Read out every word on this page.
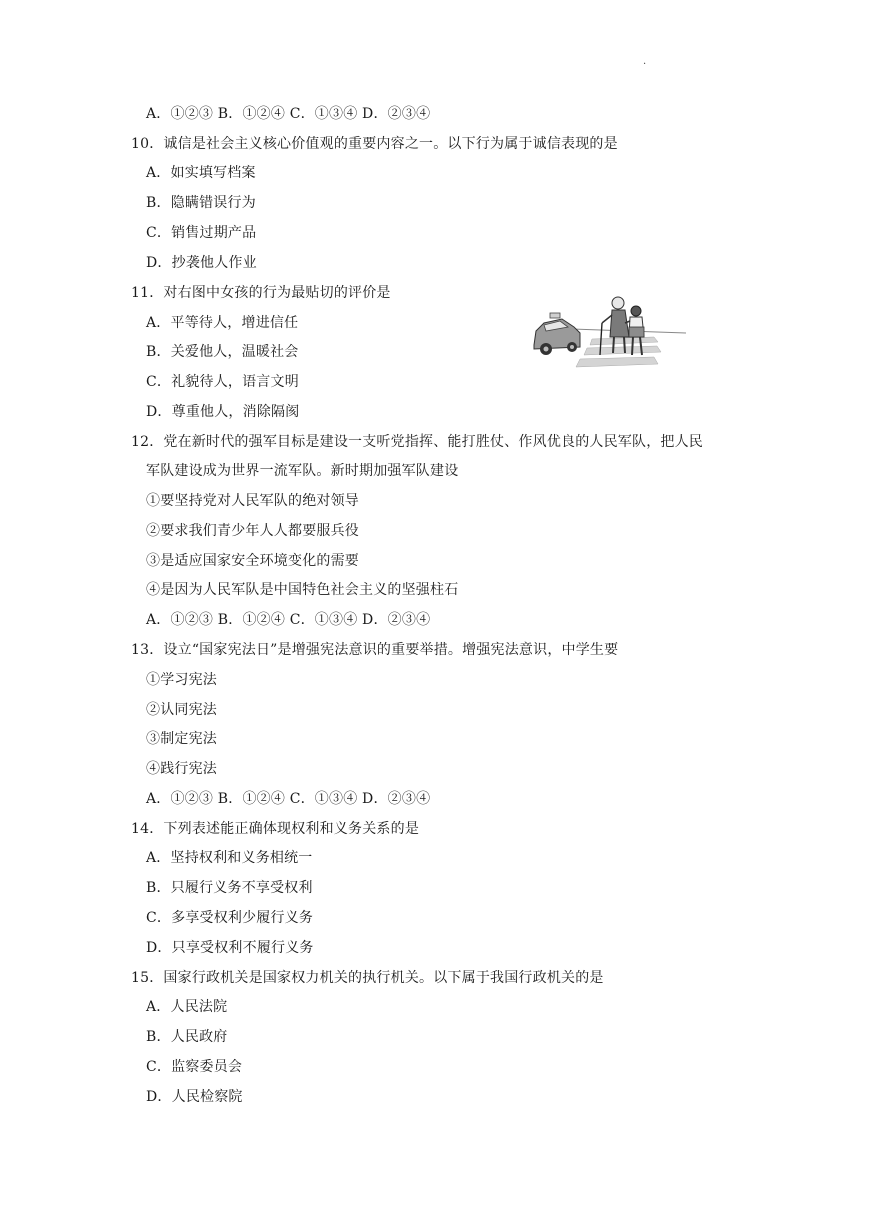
.
A．①②③ B．①②④ C．①③④ D．②③④
10．诚信是社会主义核心价值观的重要内容之一。以下行为属于诚信表现的是
A．如实填写档案
B．隐瞒错误行为
C．销售过期产品
D．抄袭他人作业
11．对右图中女孩的行为最贴切的评价是
A．平等待人，增进信任
B．关爱他人，温暖社会
C．礼貌待人，语言文明
D．尊重他人，消除隔阂
12．党在新时代的强军目标是建设一支听党指挥、能打胜仗、作风优良的人民军队，把人民
军队建设成为世界一流军队。新时期加强军队建设
①要坚持党对人民军队的绝对领导
②要求我们青少年人人都要服兵役
③是适应国家安全环境变化的需要
④是因为人民军队是中国特色社会主义的坚强柱石
A．①②③ B．①②④ C．①③④ D．②③④
13．设立“国家宪法日”是增强宪法意识的重要举措。增强宪法意识，中学生要
①学习宪法
②认同宪法
③制定宪法
④践行宪法
A．①②③ B．①②④ C．①③④ D．②③④
14．下列表述能正确体现权利和义务关系的是
A．坚持权利和义务相统一
B．只履行义务不享受权利
C．多享受权利少履行义务
D．只享受权利不履行义务
15．国家行政机关是国家权力机关的执行机关。以下属于我国行政机关的是
A．人民法院
B．人民政府
C．监察委员会
D．人民检察院
